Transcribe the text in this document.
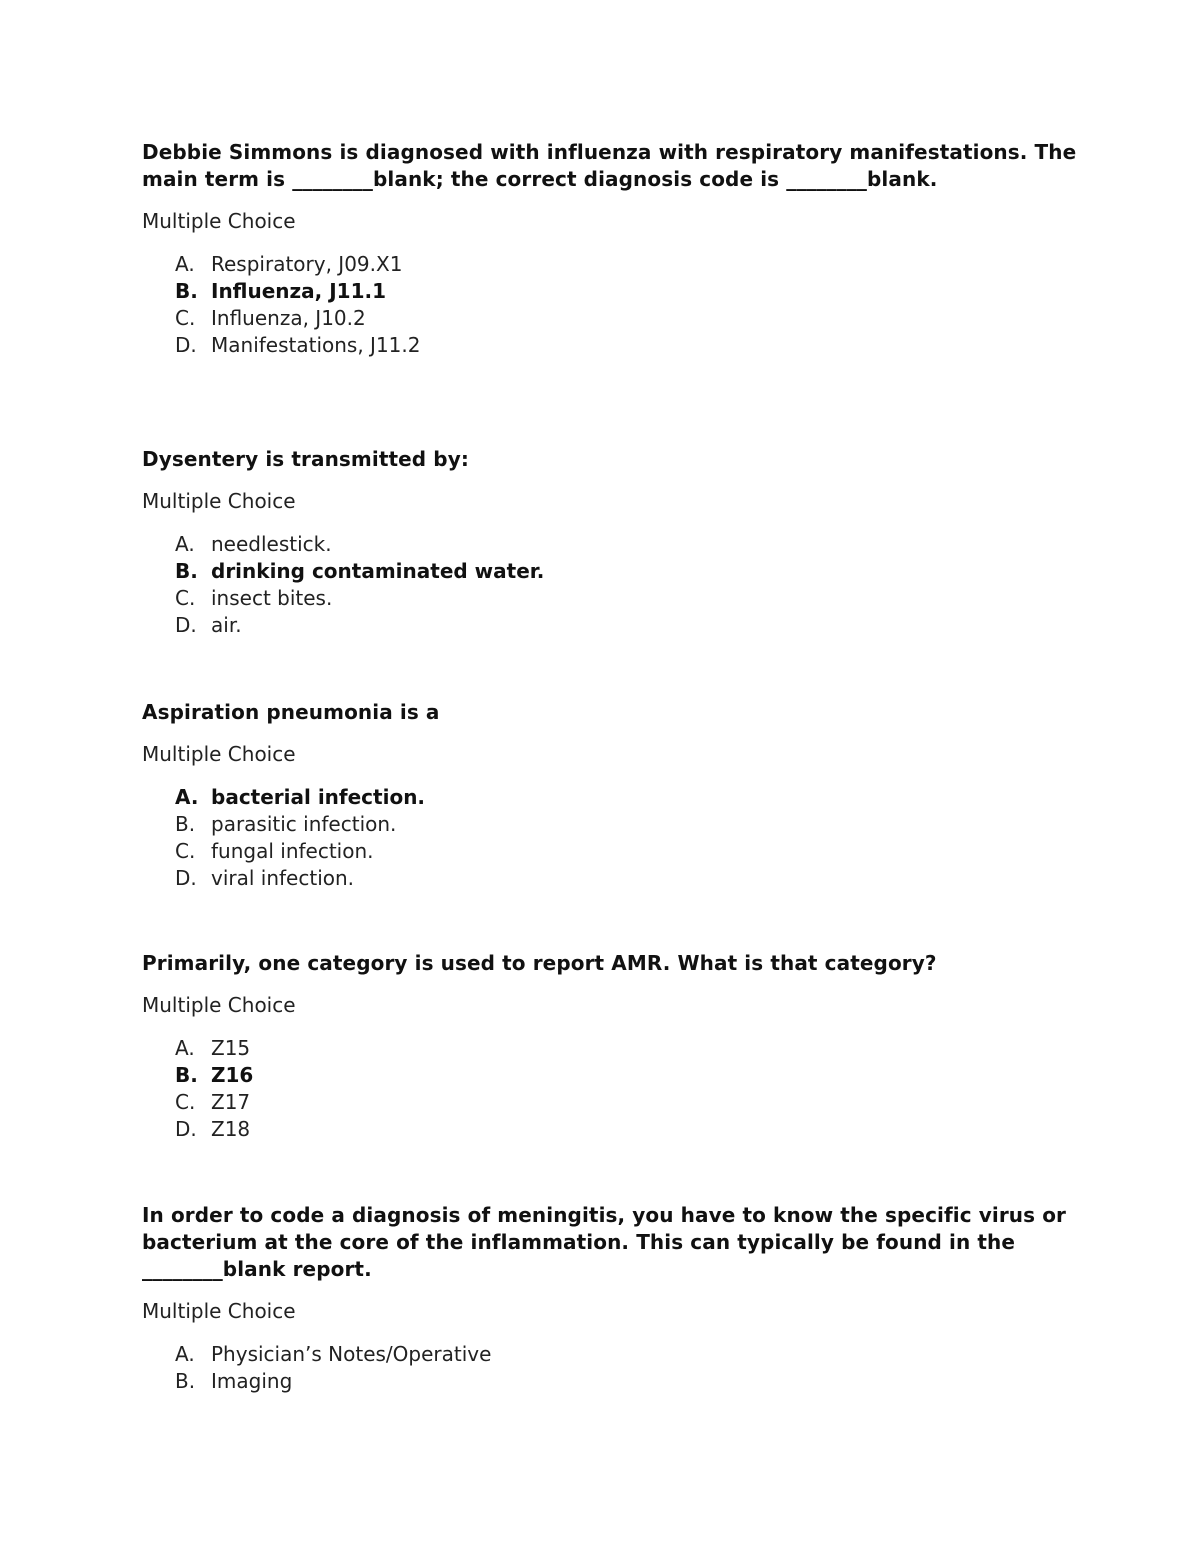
Debbie Simmons is diagnosed with influenza with respiratory manifestations. The main term is ________blank; the correct diagnosis code is ________blank.

Multiple Choice

A. Respiratory, J09.X1
B. Influenza, J11.1
C. Influenza, J10.2
D. Manifestations, J11.2

Dysentery is transmitted by:

Multiple Choice

A. needlestick.
B. drinking contaminated water.
C. insect bites.
D. air.

Aspiration pneumonia is a

Multiple Choice

A. bacterial infection.
B. parasitic infection.
C. fungal infection.
D. viral infection.

Primarily, one category is used to report AMR. What is that category?

Multiple Choice

A. Z15
B. Z16
C. Z17
D. Z18

In order to code a diagnosis of meningitis, you have to know the specific virus or bacterium at the core of the inflammation. This can typically be found in the ________blank report.

Multiple Choice

A. Physician’s Notes/Operative
B. Imaging
